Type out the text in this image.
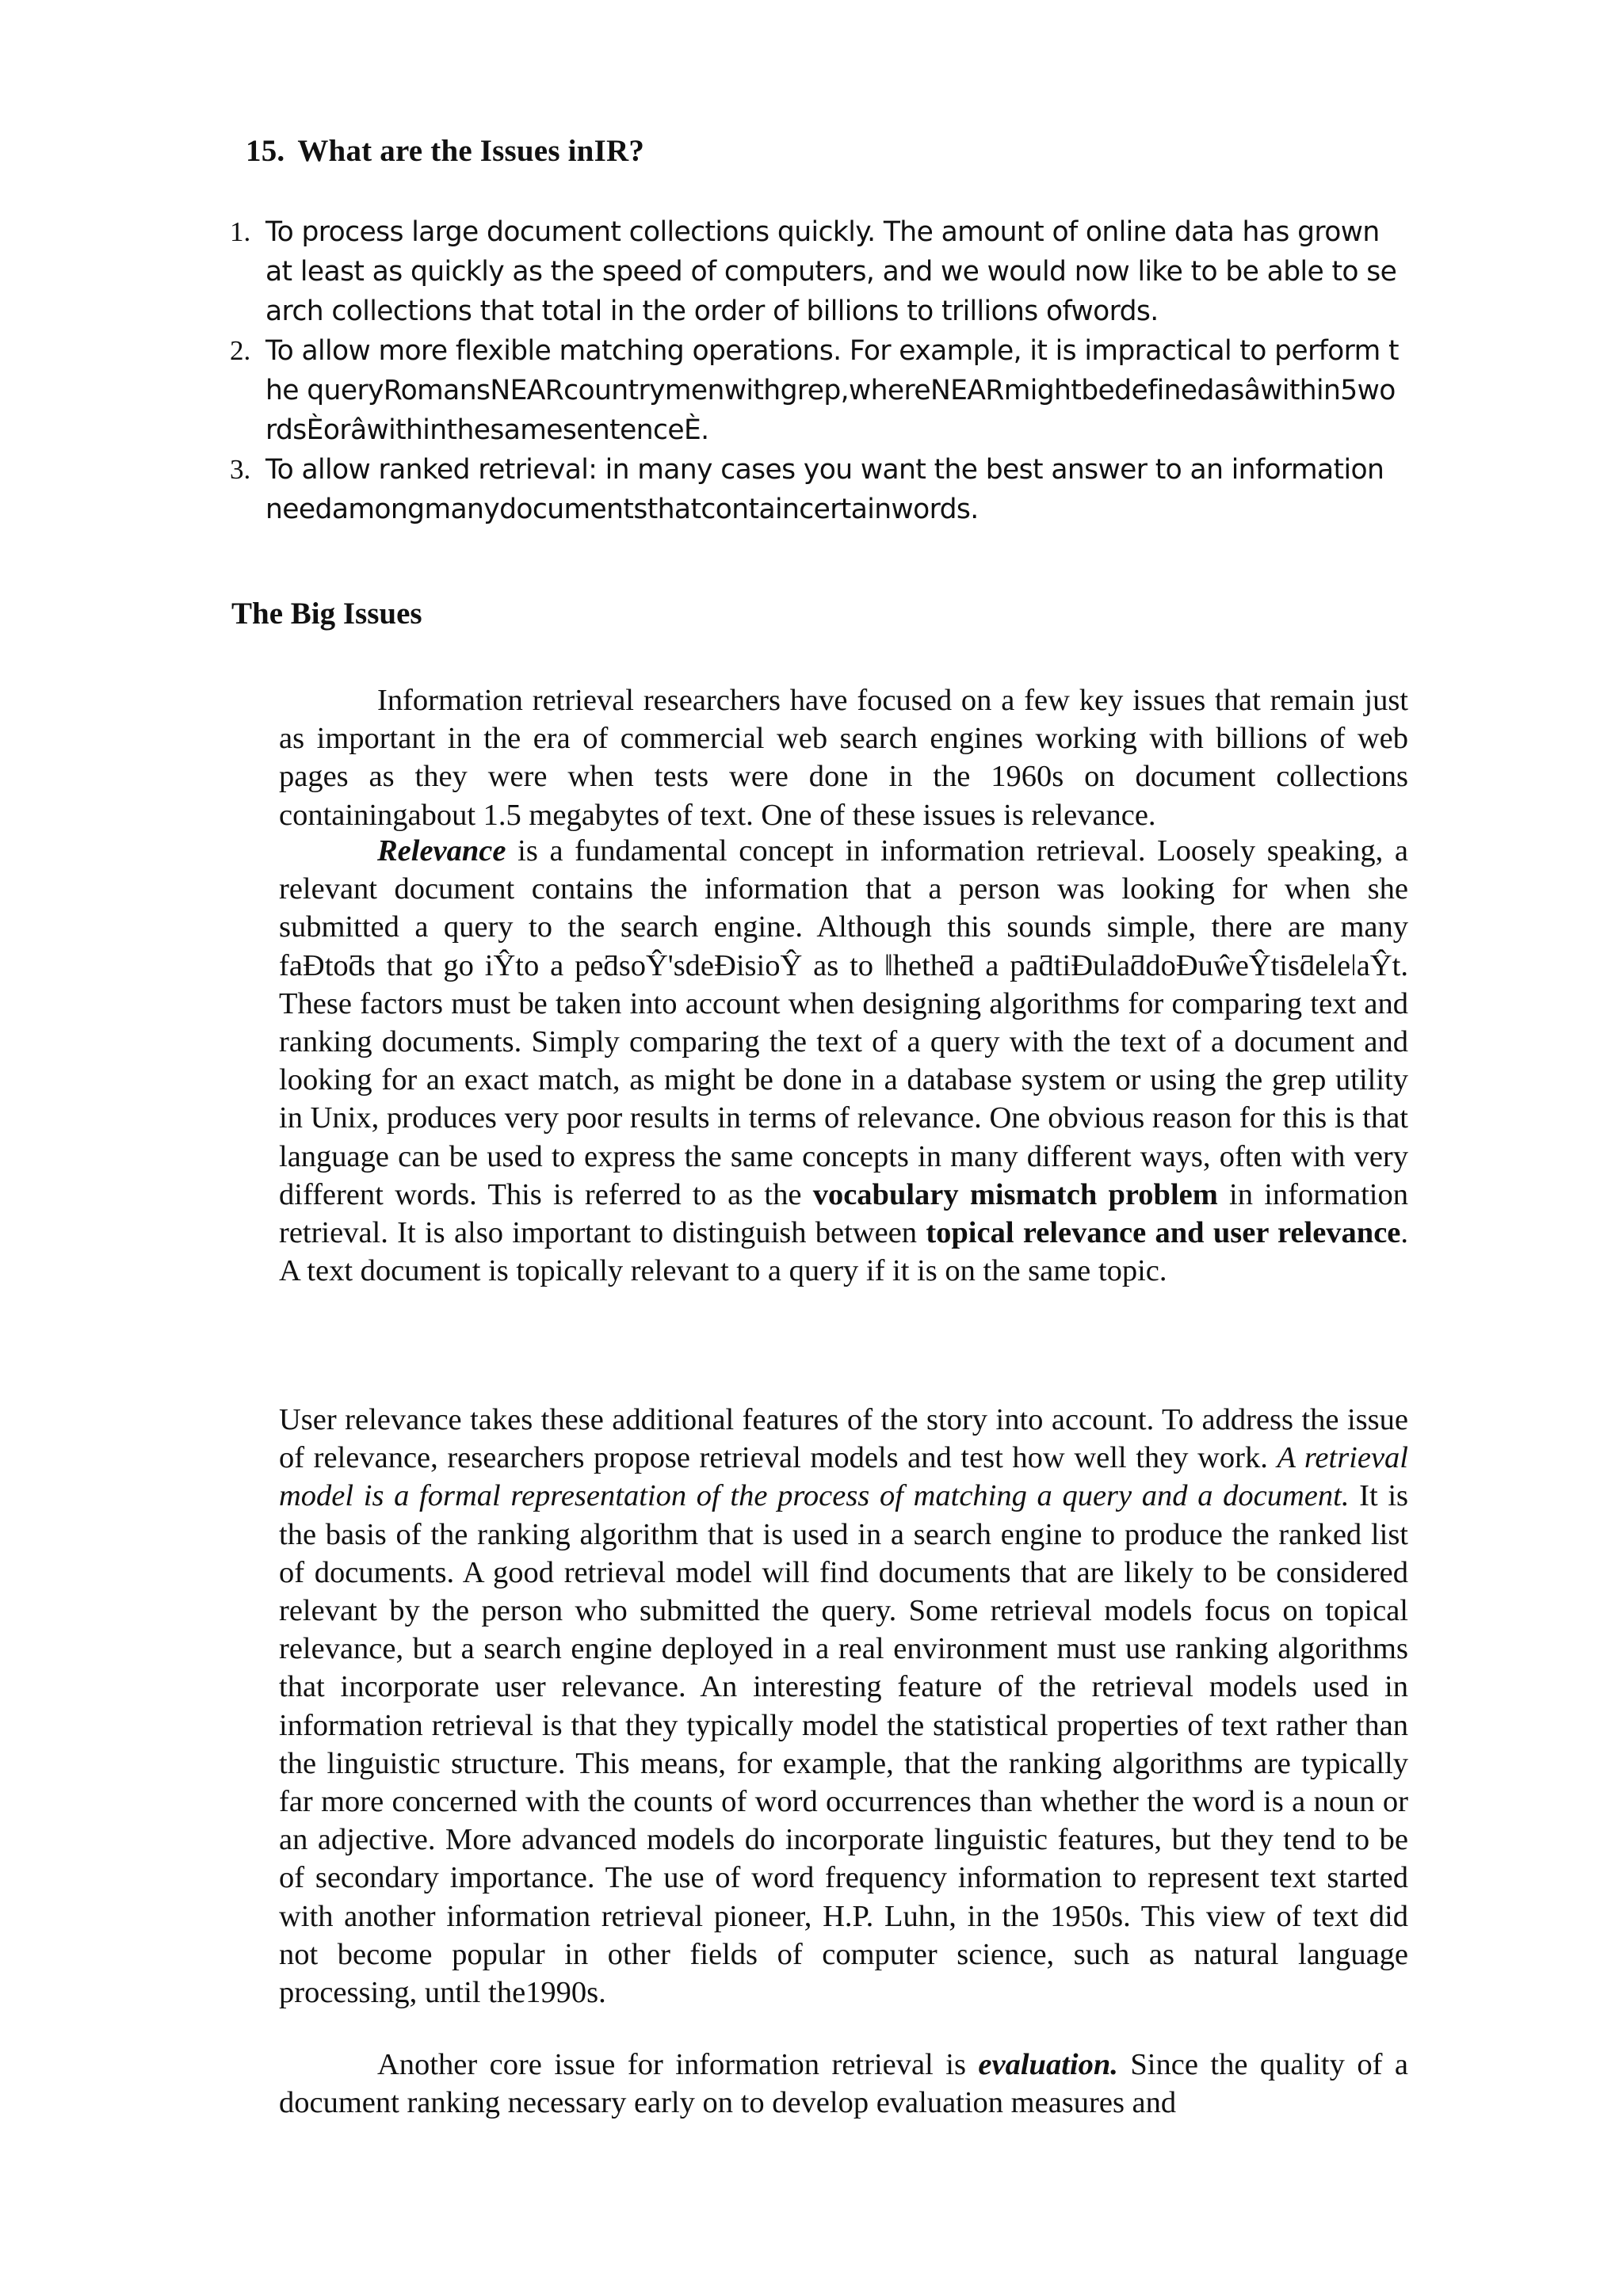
15. What are the Issues inIR?
1. To process large document collections quickly. The amount of online data has grown at least as quickly as the speed of computers, and we would now like to be able to search collections that total in the order of billions to trillions ofwords.
2. To allow more flexible matching operations. For example, it is impractical to perform the queryRomansNEARcountrymenwithgrep,whereNEARmightbedefinedasâwithin5wordsÈorâwithinthesamesentenceÈ.
3. To allow ranked retrieval: in many cases you want the best answer to an information needamongmanydocumentsthatcontaincertainwords.
The Big Issues

Information retrieval researchers have focused on a few key issues that remain just as important in the era of commercial web search engines working with billions of web pages as they were when tests were done in the 1960s on document collections containingabout 1.5 megabytes of text. One of these issues is relevance.

Relevance is a fundamental concept in information retrieval. Loosely speaking, a relevant document contains the information that a person was looking for when she submitted a query to the search engine. Although this sounds simple, there are many faÐtoƌs that go iŶto a peƌsoŶ'sdeĐisioŶ as to ǁhetheƌ a paƌtiĐulaƌdoĐuŵeŶtisƌeleǀaŶt. These factors must be taken into account when designing algorithms for comparing text and ranking documents. Simply comparing the text of a query with the text of a document and looking for an exact match, as might be done in a database system or using the grep utility in Unix, produces very poor results in terms of relevance. One obvious reason for this is that language can be used to express the same concepts in many different ways, often with very different words. This is referred to as the vocabulary mismatch problem in information retrieval. It is also important to distinguish between topical relevance and user relevance. A text document is topically relevant to a query if it is on the same topic.

User relevance takes these additional features of the story into account. To address the issue of relevance, researchers propose retrieval models and test how well they work. A retrieval model is a formal representation of the process of matching a query and a document. It is the basis of the ranking algorithm that is used in a search engine to produce the ranked list of documents. A good retrieval model will find documents that are likely to be considered relevant by the person who submitted the query. Some retrieval models focus on topical relevance, but a search engine deployed in a real environment must use ranking algorithms that incorporate user relevance. An interesting feature of the retrieval models used in information retrieval is that they typically model the statistical properties of text rather than the linguistic structure. This means, for example, that the ranking algorithms are typically far more concerned with the counts of word occurrences than whether the word is a noun or an adjective. More advanced models do incorporate linguistic features, but they tend to be of secondary importance. The use of word frequency information to represent text started with another information retrieval pioneer, H.P. Luhn, in the 1950s. This view of text did not become popular in other fields of computer science, such as natural language processing, until the1990s.

Another core issue for information retrieval is evaluation. Since the quality of a document ranking necessary early on to develop evaluation measures and
